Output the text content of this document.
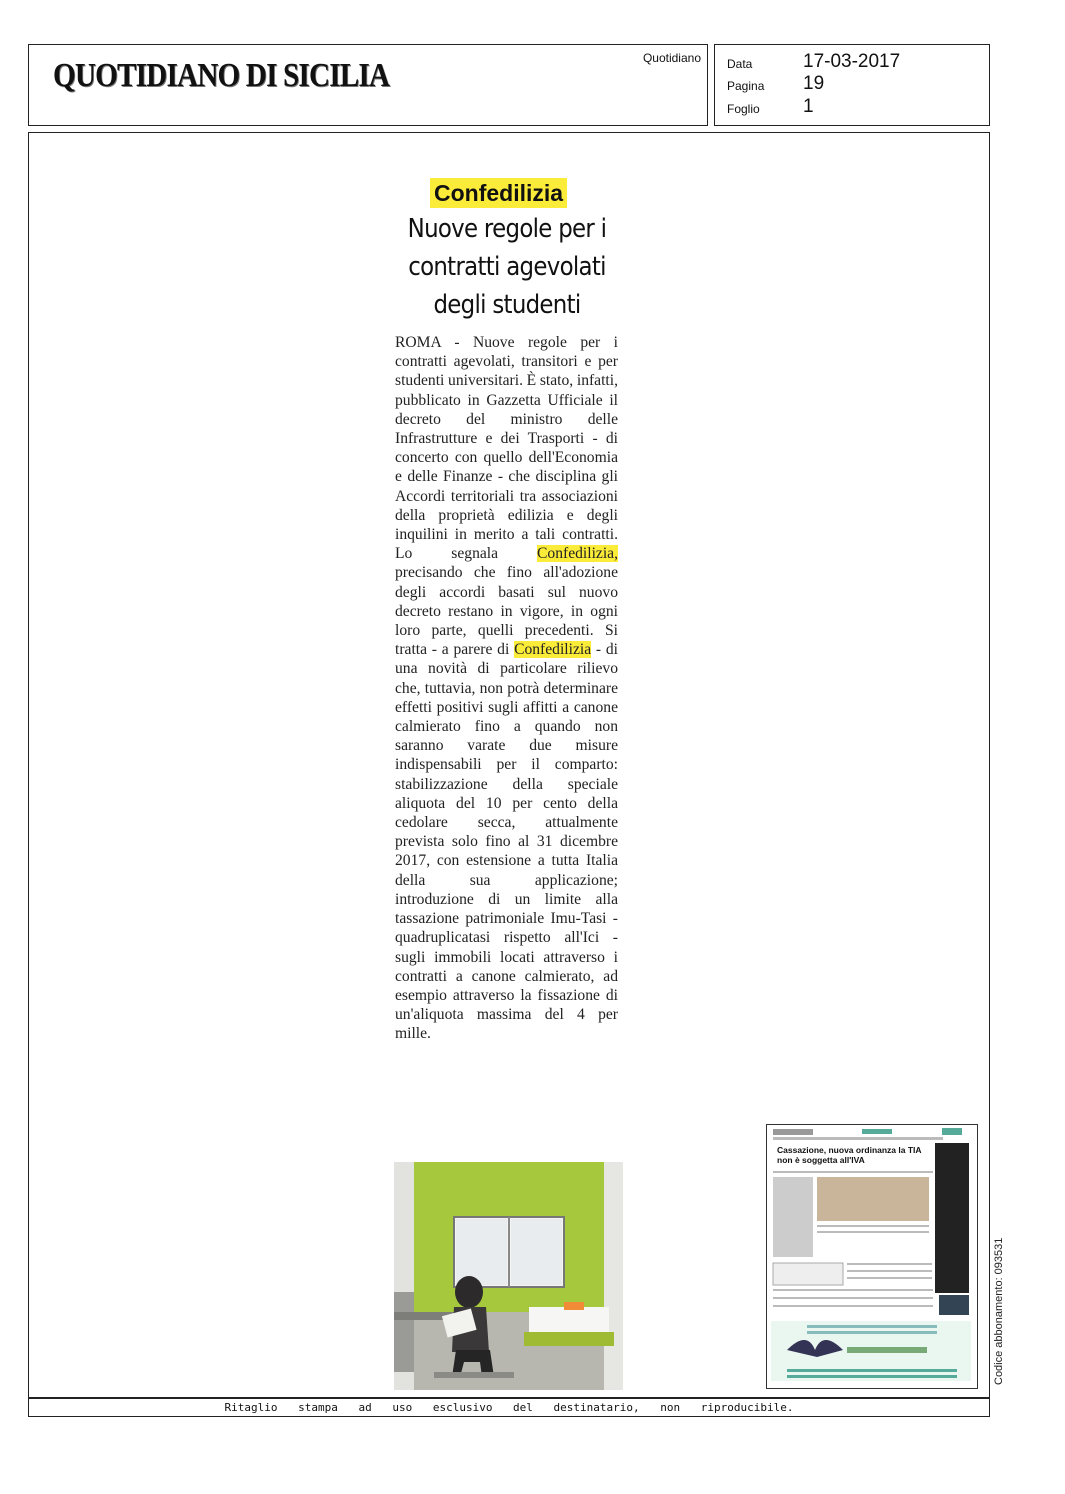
QUOTIDIANO DI SICILIA	Quotidiano Data	17-03-2017
Pagina 19
Foglio 1
Confedilizia
Nuove regole per i contratti agevolati degli studenti
ROMA - Nuove regole per i contratti agevolati, transitori e per studenti universitari. È stato, infatti, pubblicato in Gazzetta Ufficiale il decreto del ministro delle Infrastrutture e dei Trasporti - di concerto con quello dell'Economia e delle Finanze - che disciplina gli Accordi territoriali tra associazioni della proprietà edilizia e degli inquilini in merito a tali contratti. Lo segnala Confedilizia, precisando che fino all'adozione degli accordi basati sul nuovo decreto restano in vigore, in ogni loro parte, quelli precedenti. Si tratta - a parere di Confedilizia - di una novità di particolare rilievo che, tuttavia, non potrà determinare effetti positivi sugli affitti a canone calmierato fino a quando non saranno varate due misure indispensabili per il comparto: stabilizzazione della speciale aliquota del 10 per cento della cedolare secca, attualmente prevista solo fino al 31 dicembre 2017, con estensione a tutta Italia della sua applicazione; introduzione di un limite alla tassazione patrimoniale Imu-Tasi - quadruplicatasi rispetto all'Ici - sugli immobili locati attraverso i contratti a canone calmierato, ad esempio attraverso la fissazione di un'aliquota massima del 4 per mille.
Cassazione, nuova ordinanza la TIA non è soggetta all'IVA
Codice abbonamento: 093531
Ritaglio stampa ad uso esclusivo del destinatario, non riproducibile.
